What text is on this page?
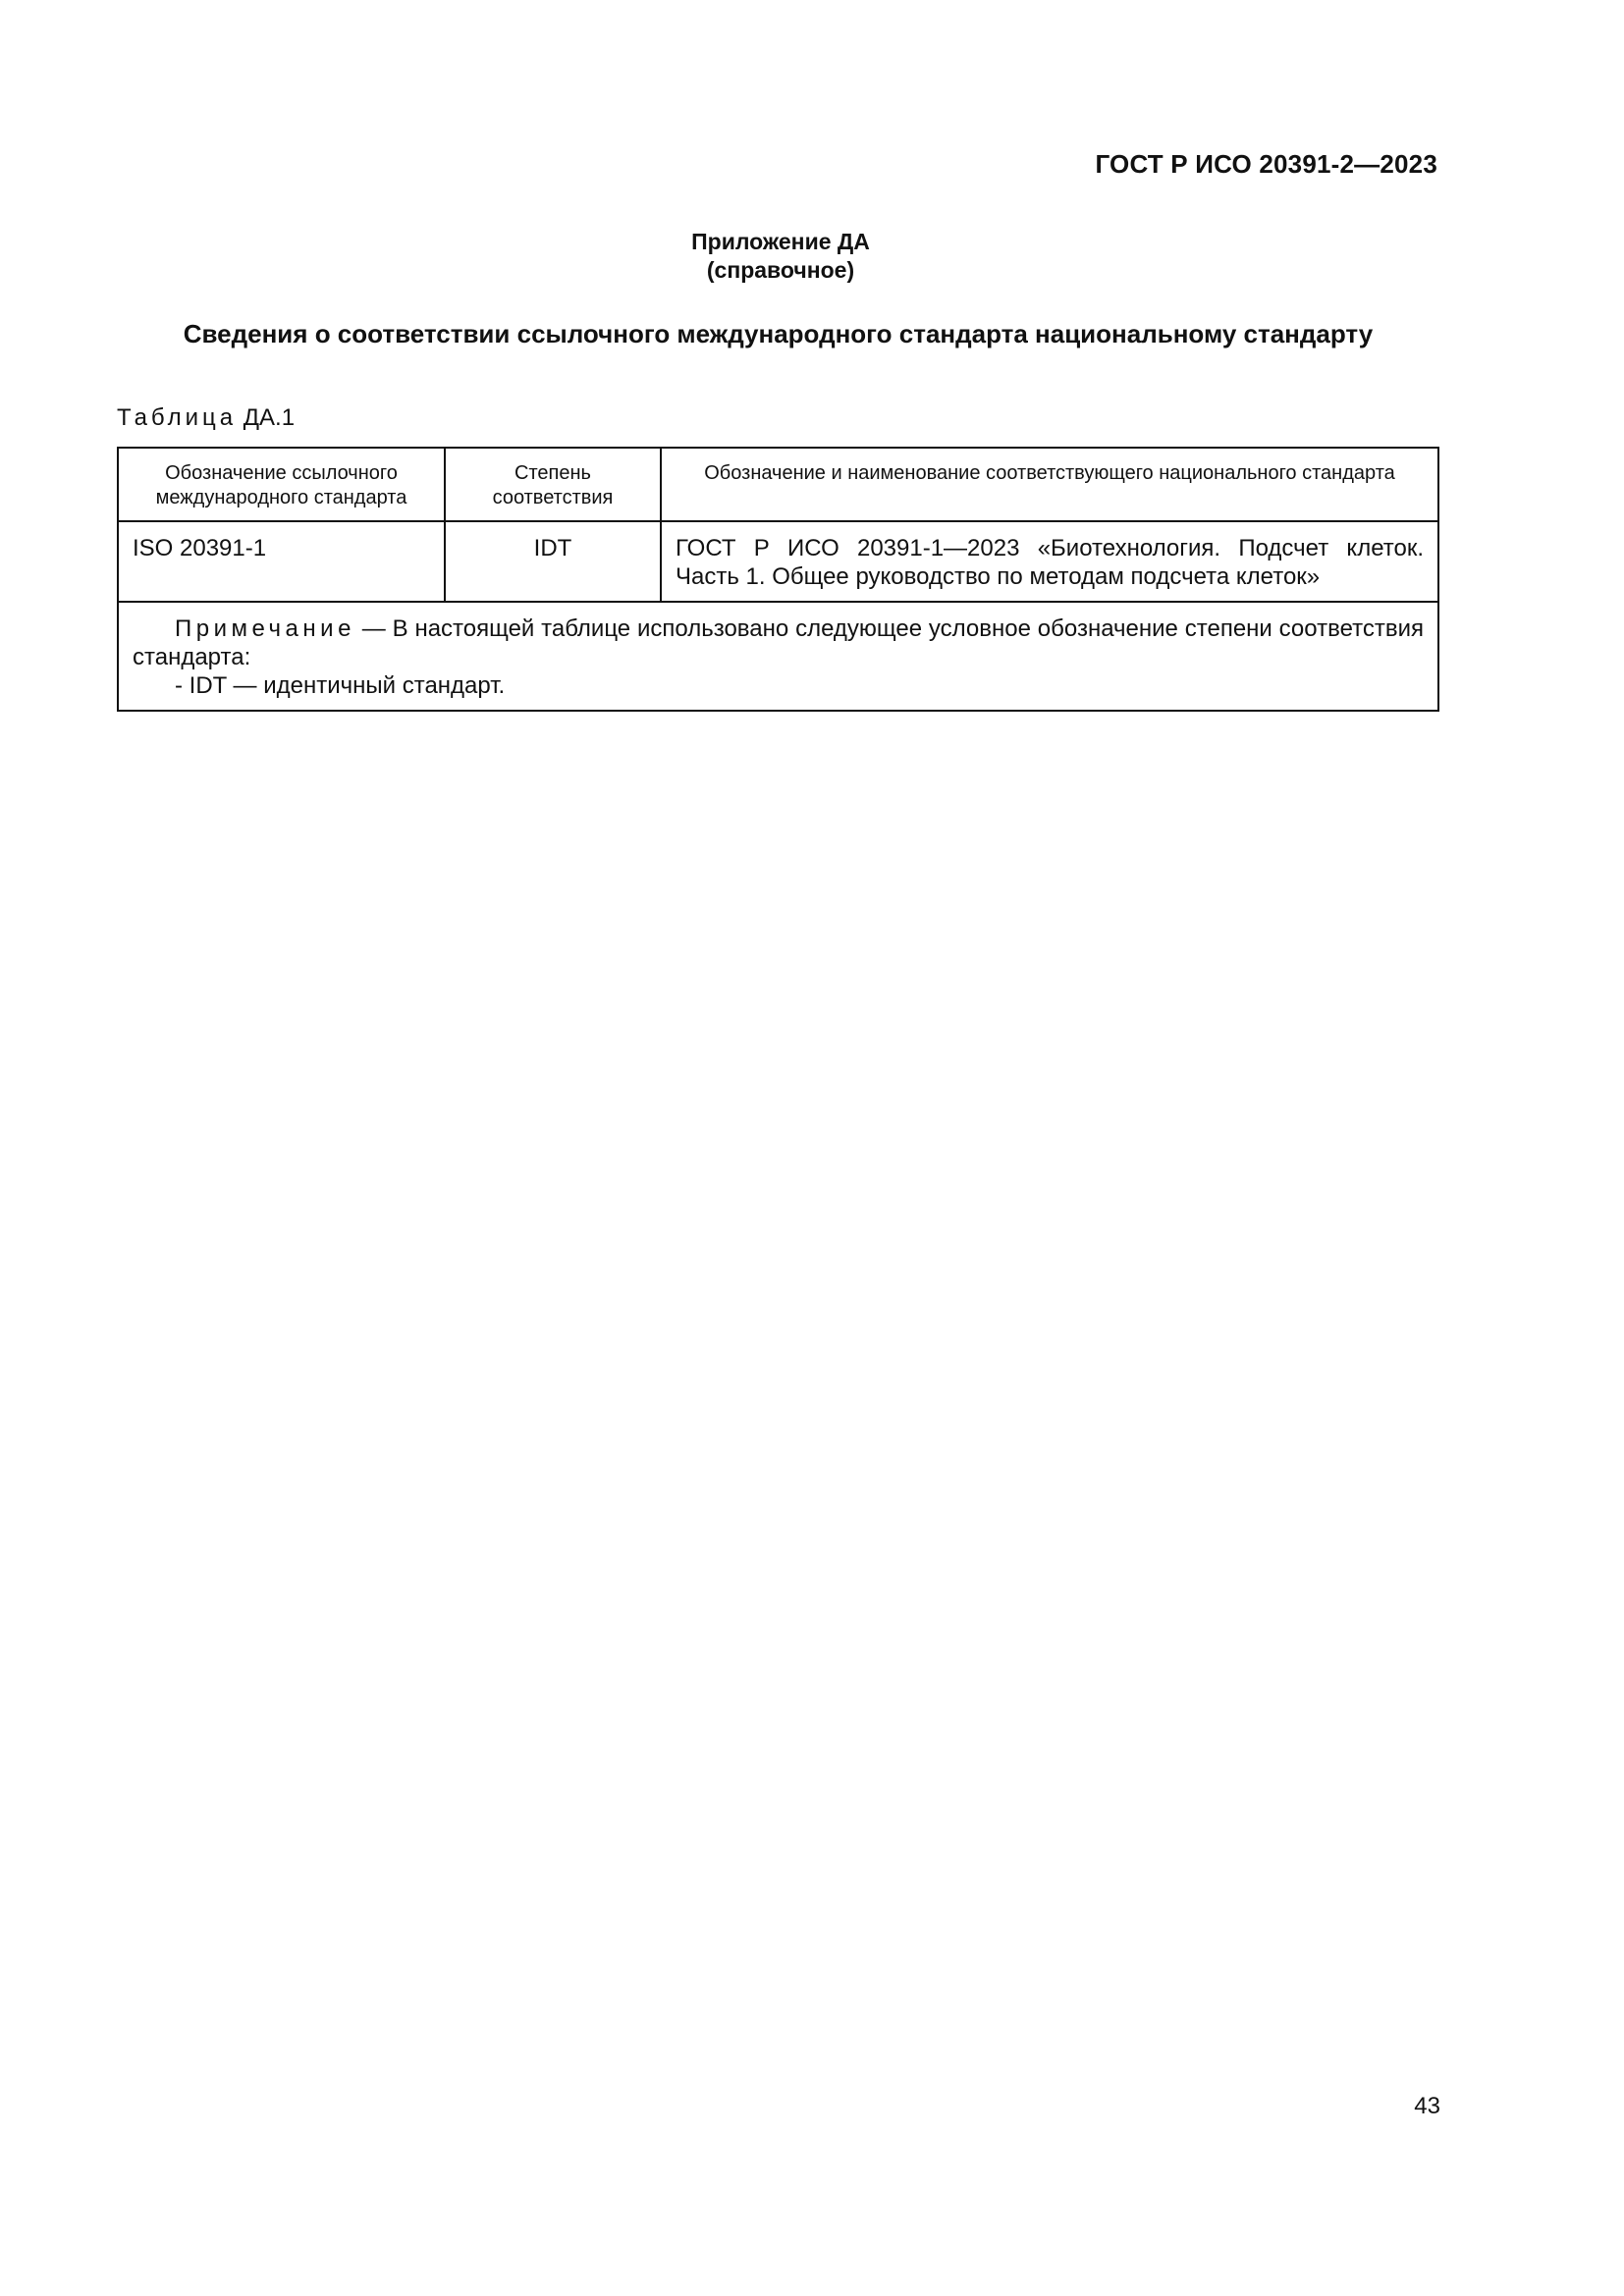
ГОСТ Р ИСО 20391-2—2023
Приложение ДА
(справочное)
Сведения о соответствии ссылочного международного стандарта национальному стандарту
Таблица ДА.1
Обозначение ссылочного международного стандарта	Степень соответствия	Обозначение и наименование соответствующего национального стандарта
ISO 20391-1	IDT	ГОСТ Р ИСО 20391-1—2023 «Биотехнология. Подсчет клеток.
Часть 1. Общее руководство по методам подсчета клеток»

Примечание — В настоящей таблице использовано следующее условное обозначение степени соответствия стандарта:
- IDT — идентичный стандарт.		
43
